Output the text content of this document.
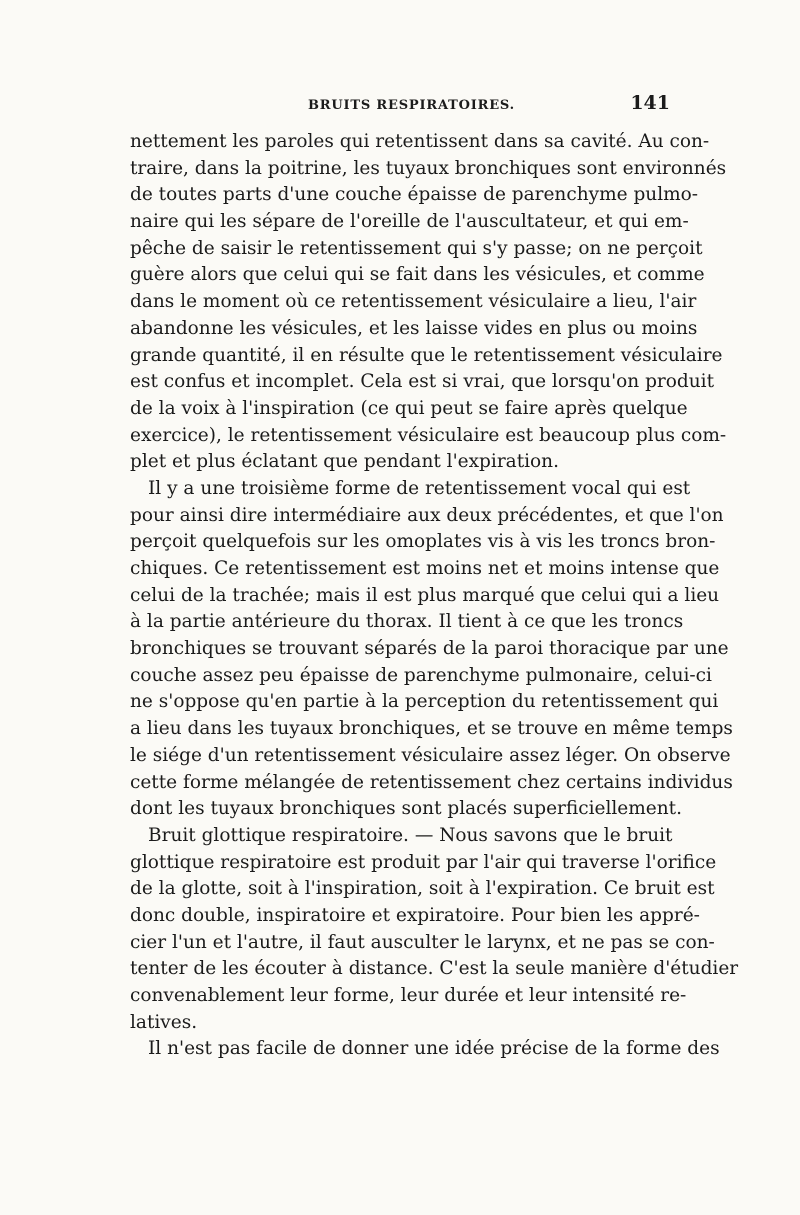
BRUITS RESPIRATOIRES.	141
nettement les paroles qui retentissent dans sa cavité. Au con-
traire, dans la poitrine, les tuyaux bronchiques sont environnés
de toutes parts d'une couche épaisse de parenchyme pulmo-
naire qui les sépare de l'oreille de l'auscultateur, et qui em-
pêche de saisir le retentissement qui s'y passe; on ne perçoit
guère alors que celui qui se fait dans les vésicules, et comme
dans le moment où ce retentissement vésiculaire a lieu, l'air
abandonne les vésicules, et les laisse vides en plus ou moins
grande quantité, il en résulte que le retentissement vésiculaire
est confus et incomplet. Cela est si vrai, que lorsqu'on produit
de la voix à l'inspiration (ce qui peut se faire après quelque
exercice), le retentissement vésiculaire est beaucoup plus com-
plet et plus éclatant que pendant l'expiration.
Il y a une troisième forme de retentissement vocal qui est
pour ainsi dire intermédiaire aux deux précédentes, et que l'on
perçoit quelquefois sur les omoplates vis à vis les troncs bron-
chiques. Ce retentissement est moins net et moins intense que
celui de la trachée; mais il est plus marqué que celui qui a lieu
à la partie antérieure du thorax. Il tient à ce que les troncs
bronchiques se trouvant séparés de la paroi thoracique par une
couche assez peu épaisse de parenchyme pulmonaire, celui-ci
ne s'oppose qu'en partie à la perception du retentissement qui
a lieu dans les tuyaux bronchiques, et se trouve en même temps
le siége d'un retentissement vésiculaire assez léger. On observe
cette forme mélangée de retentissement chez certains individus
dont les tuyaux bronchiques sont placés superficiellement.
Bruit glottique respiratoire. — Nous savons que le bruit
glottique respiratoire est produit par l'air qui traverse l'orifice
de la glotte, soit à l'inspiration, soit à l'expiration. Ce bruit est
donc double, inspiratoire et expiratoire. Pour bien les appré-
cier l'un et l'autre, il faut ausculter le larynx, et ne pas se con-
tenter de les écouter à distance. C'est la seule manière d'étudier
convenablement leur forme, leur durée et leur intensité re-
latives.
Il n'est pas facile de donner une idée précise de la forme des
